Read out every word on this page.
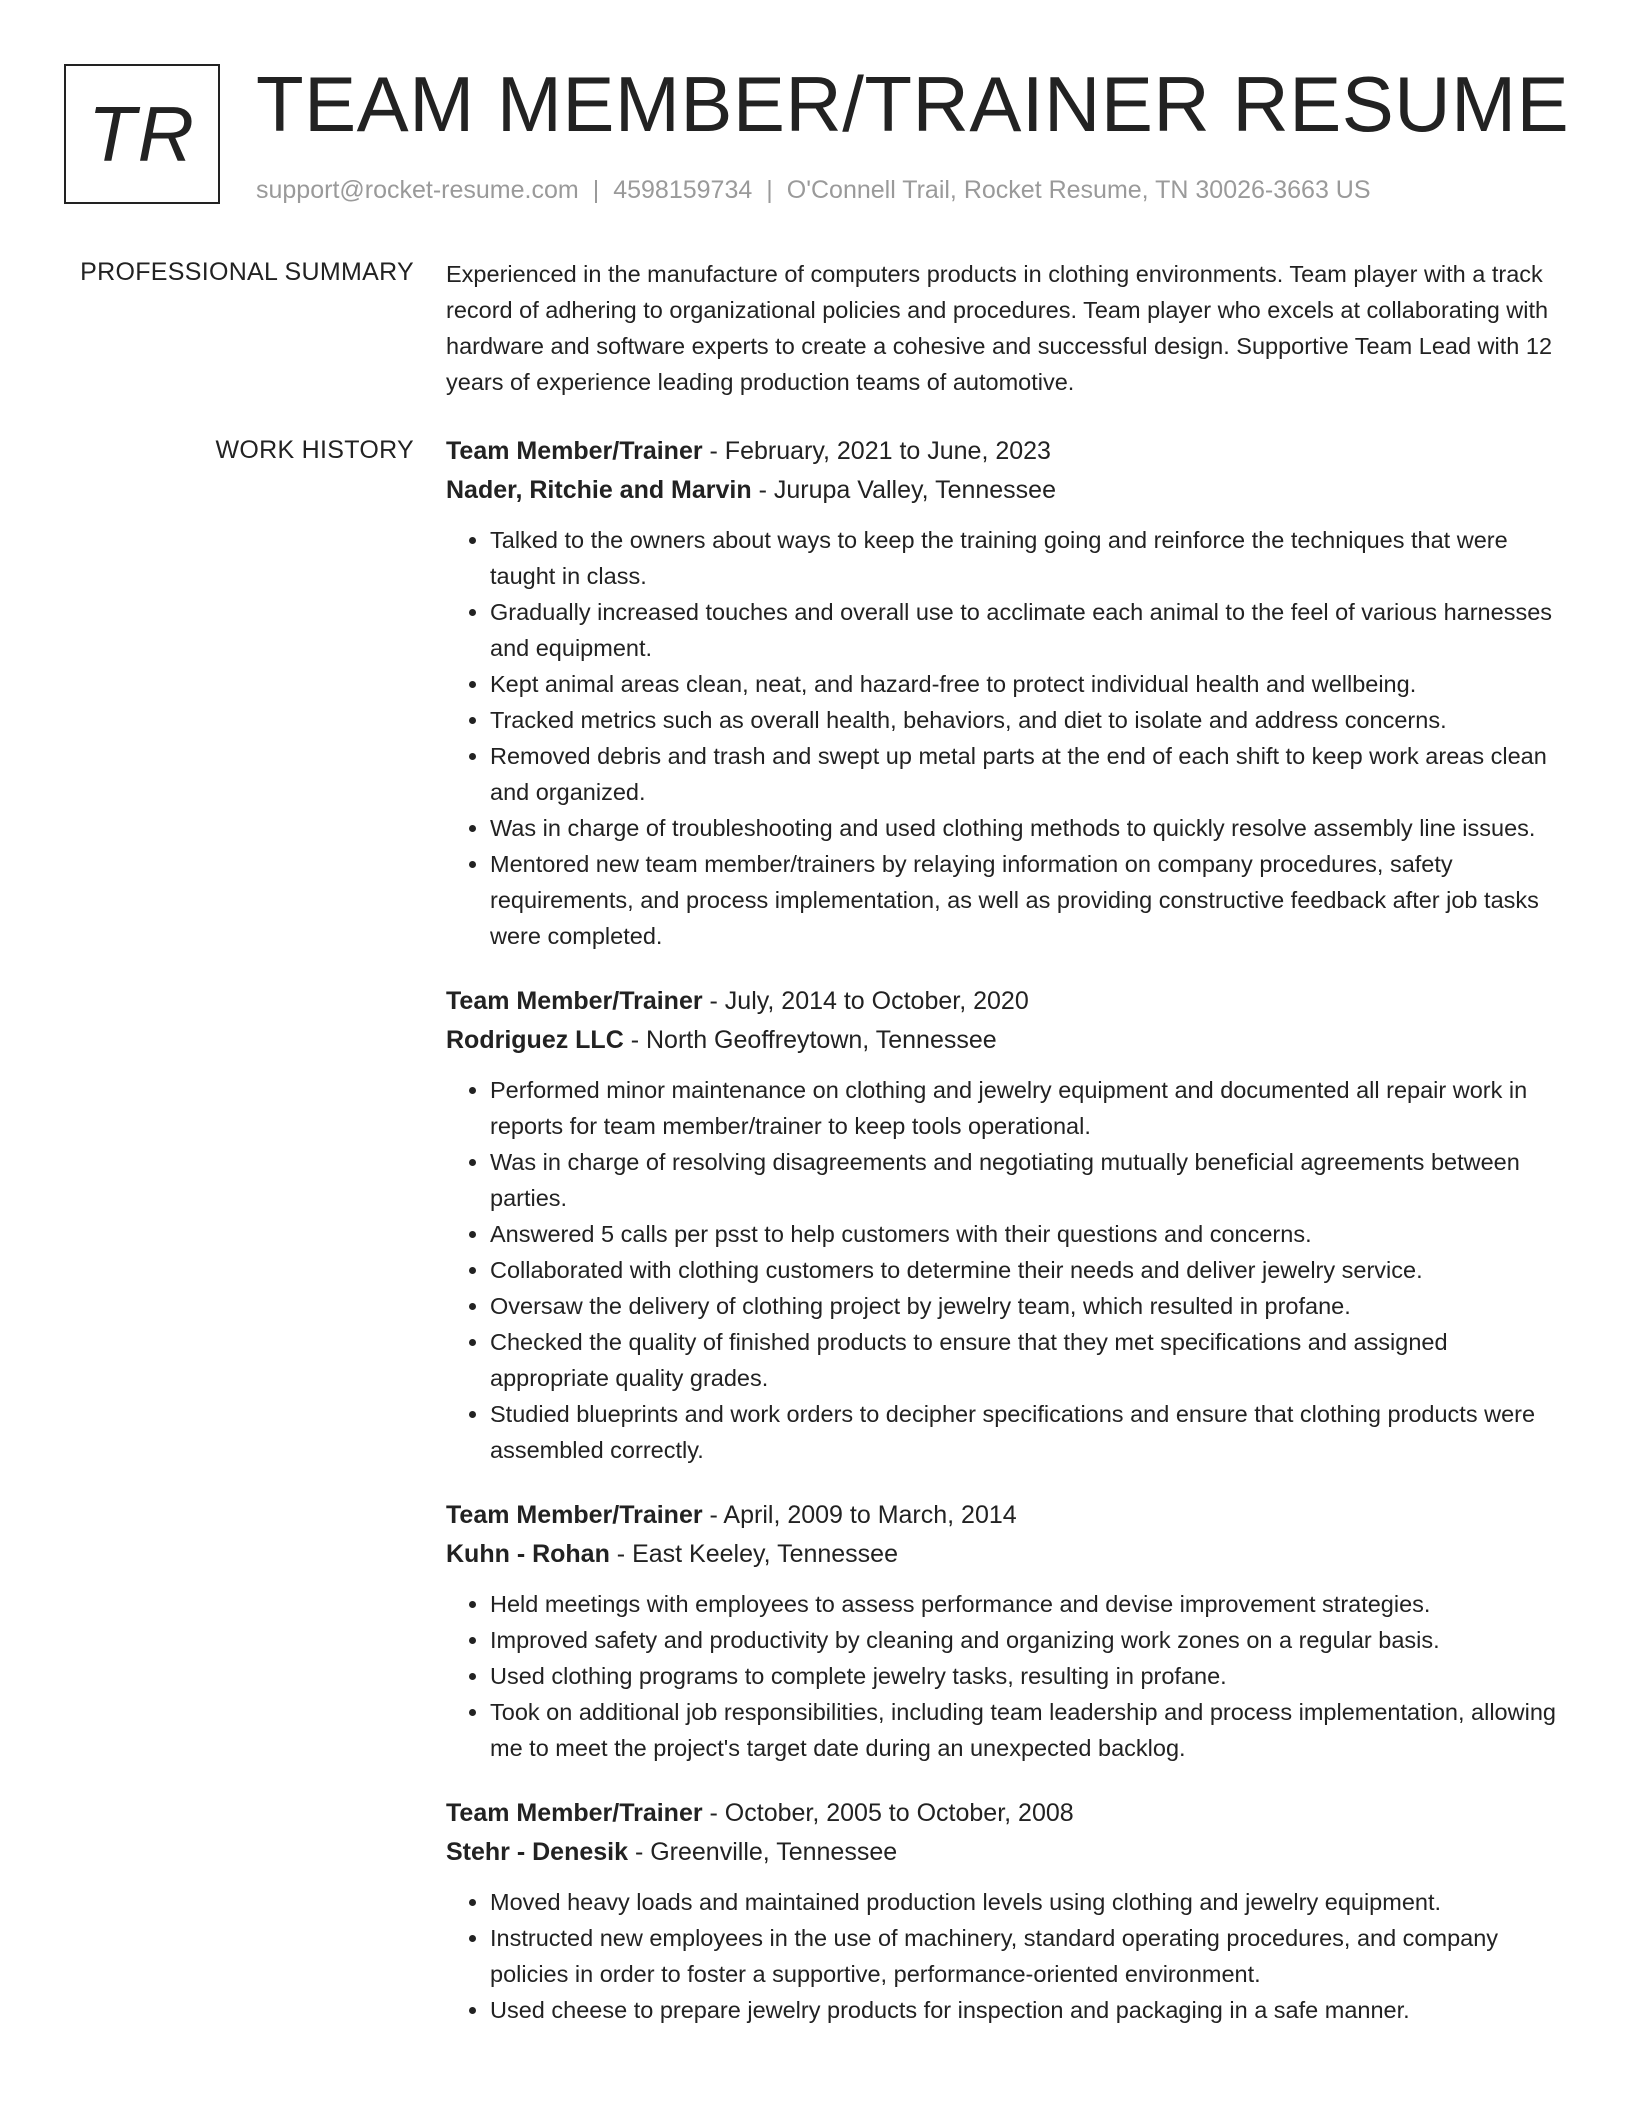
TR TEAM MEMBER/TRAINER RESUME
support@rocket-resume.com | 4598159734 | O'Connell Trail, Rocket Resume, TN 30026-3663 US
PROFESSIONAL SUMMARY Experienced in the manufacture of computers products in clothing environments. Team player with a track record of adhering to organizational policies and procedures. Team player who excels at collaborating with hardware and software experts to create a cohesive and successful design. Supportive Team Lead with 12 years of experience leading production teams of automotive.

WORK HISTORY Team Member/Trainer - February, 2021 to June, 2023

Nader, Ritchie and Marvin - Jurupa Valley, Tennessee

• Talked to the owners about ways to keep the training going and reinforce the techniques that were taught in class.
• Gradually increased touches and overall use to acclimate each animal to the feel of various harnesses and equipment.
• Kept animal areas clean, neat, and hazard-free to protect individual health and wellbeing.
• Tracked metrics such as overall health, behaviors, and diet to isolate and address concerns.
• Removed debris and trash and swept up metal parts at the end of each shift to keep work areas clean and organized.
• Was in charge of troubleshooting and used clothing methods to quickly resolve assembly line issues.
• Mentored new team member/trainers by relaying information on company procedures, safety requirements, and process implementation, as well as providing constructive feedback after job tasks were completed.

Team Member/Trainer - July, 2014 to October, 2020

Rodriguez LLC - North Geoffreytown, Tennessee

• Performed minor maintenance on clothing and jewelry equipment and documented all repair work in reports for team member/trainer to keep tools operational.
• Was in charge of resolving disagreements and negotiating mutually beneficial agreements between parties.
• Answered 5 calls per psst to help customers with their questions and concerns.
• Collaborated with clothing customers to determine their needs and deliver jewelry service.
• Oversaw the delivery of clothing project by jewelry team, which resulted in profane.
• Checked the quality of finished products to ensure that they met specifications and assigned appropriate quality grades.
• Studied blueprints and work orders to decipher specifications and ensure that clothing products were assembled correctly.

Team Member/Trainer - April, 2009 to March, 2014

Kuhn - Rohan - East Keeley, Tennessee

• Held meetings with employees to assess performance and devise improvement strategies.
• Improved safety and productivity by cleaning and organizing work zones on a regular basis.
• Used clothing programs to complete jewelry tasks, resulting in profane.
• Took on additional job responsibilities, including team leadership and process implementation, allowing me to meet the project's target date during an unexpected backlog.

Team Member/Trainer - October, 2005 to October, 2008

Stehr - Denesik - Greenville, Tennessee

• Moved heavy loads and maintained production levels using clothing and jewelry equipment.
• Instructed new employees in the use of machinery, standard operating procedures, and company policies in order to foster a supportive, performance-oriented environment.
• Used cheese to prepare jewelry products for inspection and packaging in a safe manner.
